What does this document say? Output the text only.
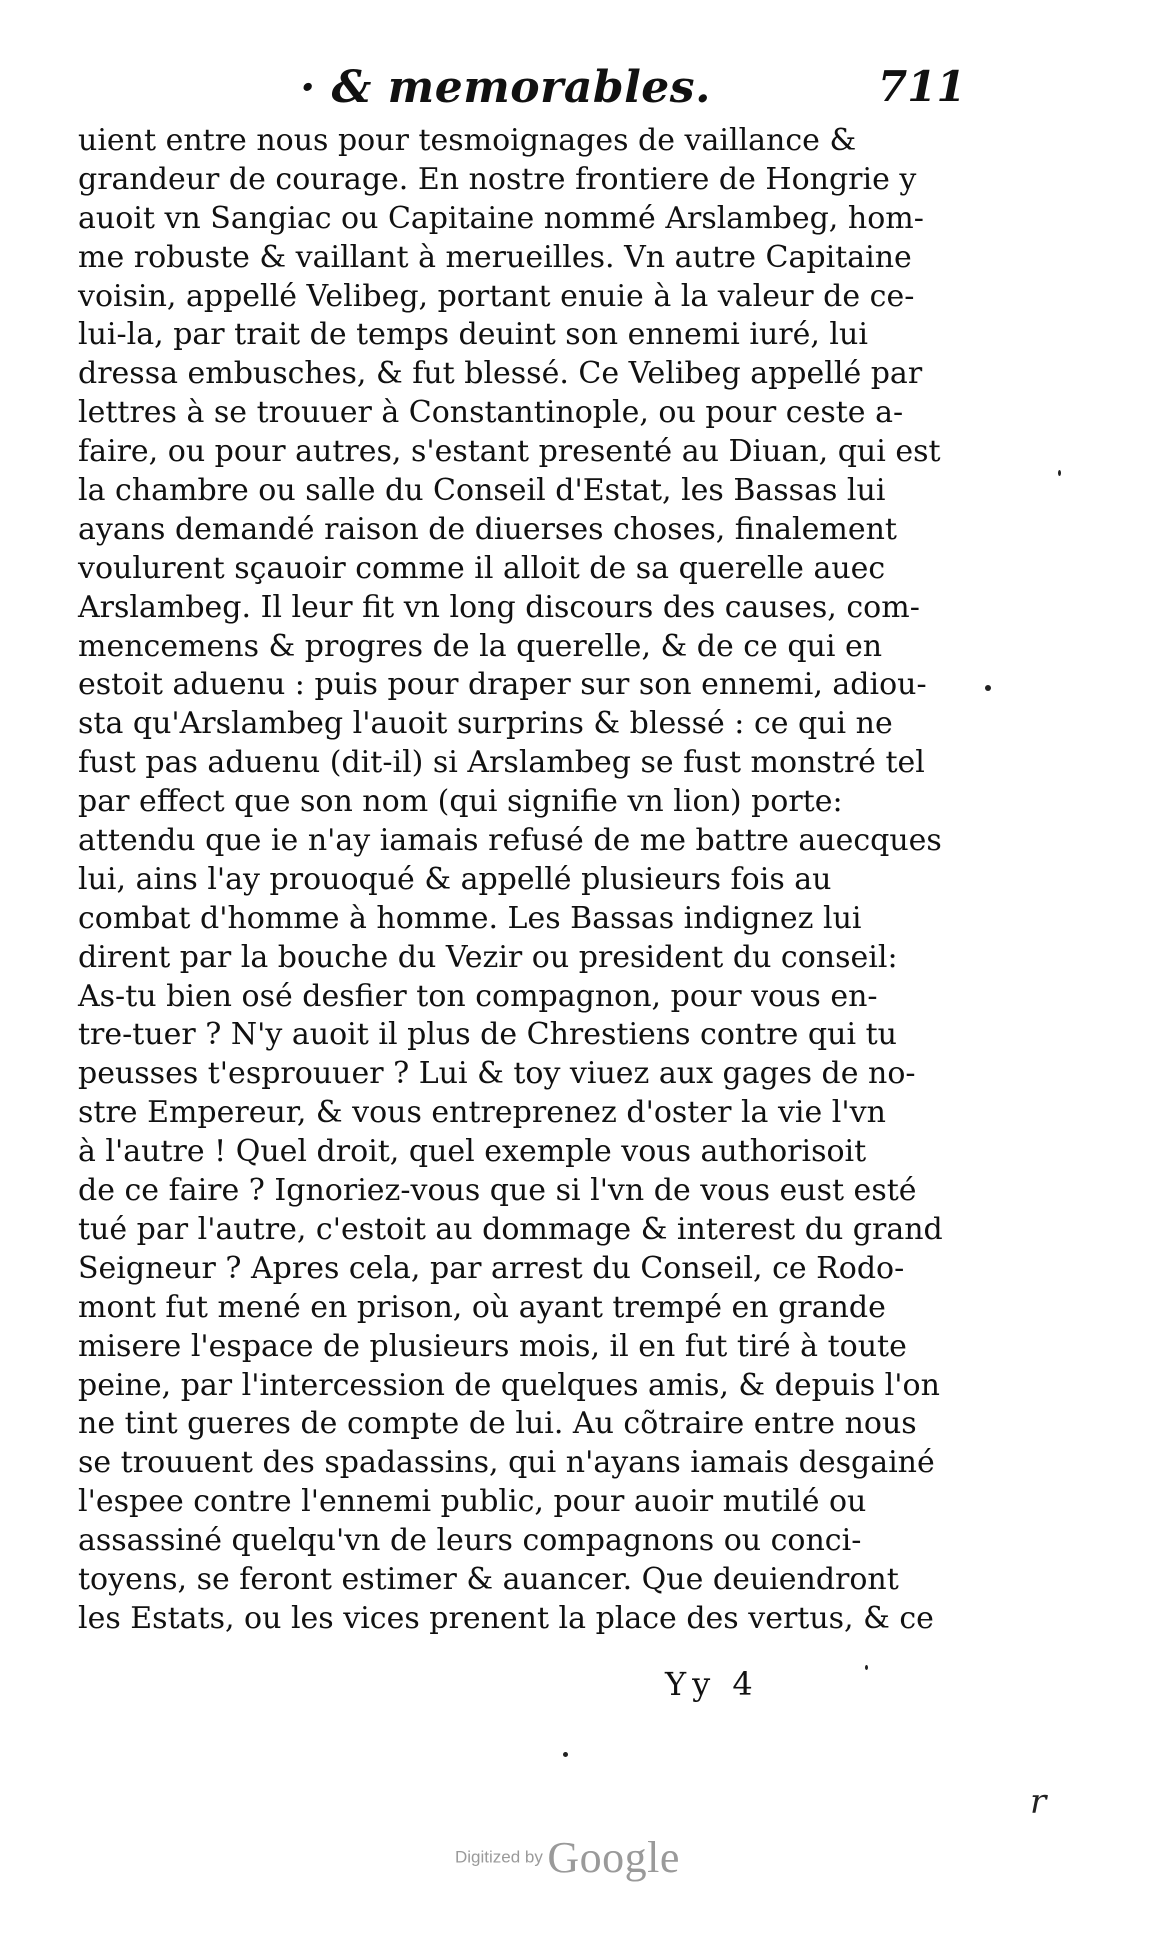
· & memorables.	711
uient entre nous pour tesmoignages de vaillance &
grandeur de courage. En nostre frontiere de Hongrie y
auoit vn Sangiac ou Capitaine nommé Arslambeg, hom-
me robuste & vaillant à merueilles. Vn autre Capitaine
voisin, appellé Velibeg, portant enuie à la valeur de ce-
lui-la, par trait de temps deuint son ennemi iuré, lui
dressa embusches, & fut blessé. Ce Velibeg appellé par
lettres à se trouuer à Constantinople, ou pour ceste a-
faire, ou pour autres, s'estant presenté au Diuan, qui est
la chambre ou salle du Conseil d'Estat, les Bassas lui
ayans demandé raison de diuerses choses, finalement
voulurent sçauoir comme il alloit de sa querelle auec
Arslambeg. Il leur fit vn long discours des causes, com-
mencemens & progres de la querelle, & de ce qui en
estoit aduenu : puis pour draper sur son ennemi, adiou-
sta qu'Arslambeg l'auoit surprins & blessé : ce qui ne
fust pas aduenu (dit-il) si Arslambeg se fust monstré tel
par effect que son nom (qui signifie vn lion) porte:
attendu que ie n'ay iamais refusé de me battre auecques
lui, ains l'ay prouoqué & appellé plusieurs fois au
combat d'homme à homme. Les Bassas indignez lui
dirent par la bouche du Vezir ou president du conseil:
As-tu bien osé desfier ton compagnon, pour vous en-
tre-tuer ? N'y auoit il plus de Chrestiens contre qui tu
peusses t'esprouuer ? Lui & toy viuez aux gages de no-
stre Empereur, & vous entreprenez d'oster la vie l'vn
à l'autre ! Quel droit, quel exemple vous authorisoit
de ce faire ? Ignoriez-vous que si l'vn de vous eust esté
tué par l'autre, c'estoit au dommage & interest du grand
Seigneur ? Apres cela, par arrest du Conseil, ce Rodo-
mont fut mené en prison, où ayant trempé en grande
misere l'espace de plusieurs mois, il en fut tiré à toute
peine, par l'intercession de quelques amis, & depuis l'on
ne tint gueres de compte de lui. Au cõtraire entre nous
se trouuent des spadassins, qui n'ayans iamais desgainé
l'espee contre l'ennemi public, pour auoir mutilé ou
assassiné quelqu'vn de leurs compagnons ou conci-
toyens, se feront estimer & auancer. Que deuiendront
les Estats, ou les vices prenent la place des vertus, & ce
Yy 4
r
Digitized by Google
